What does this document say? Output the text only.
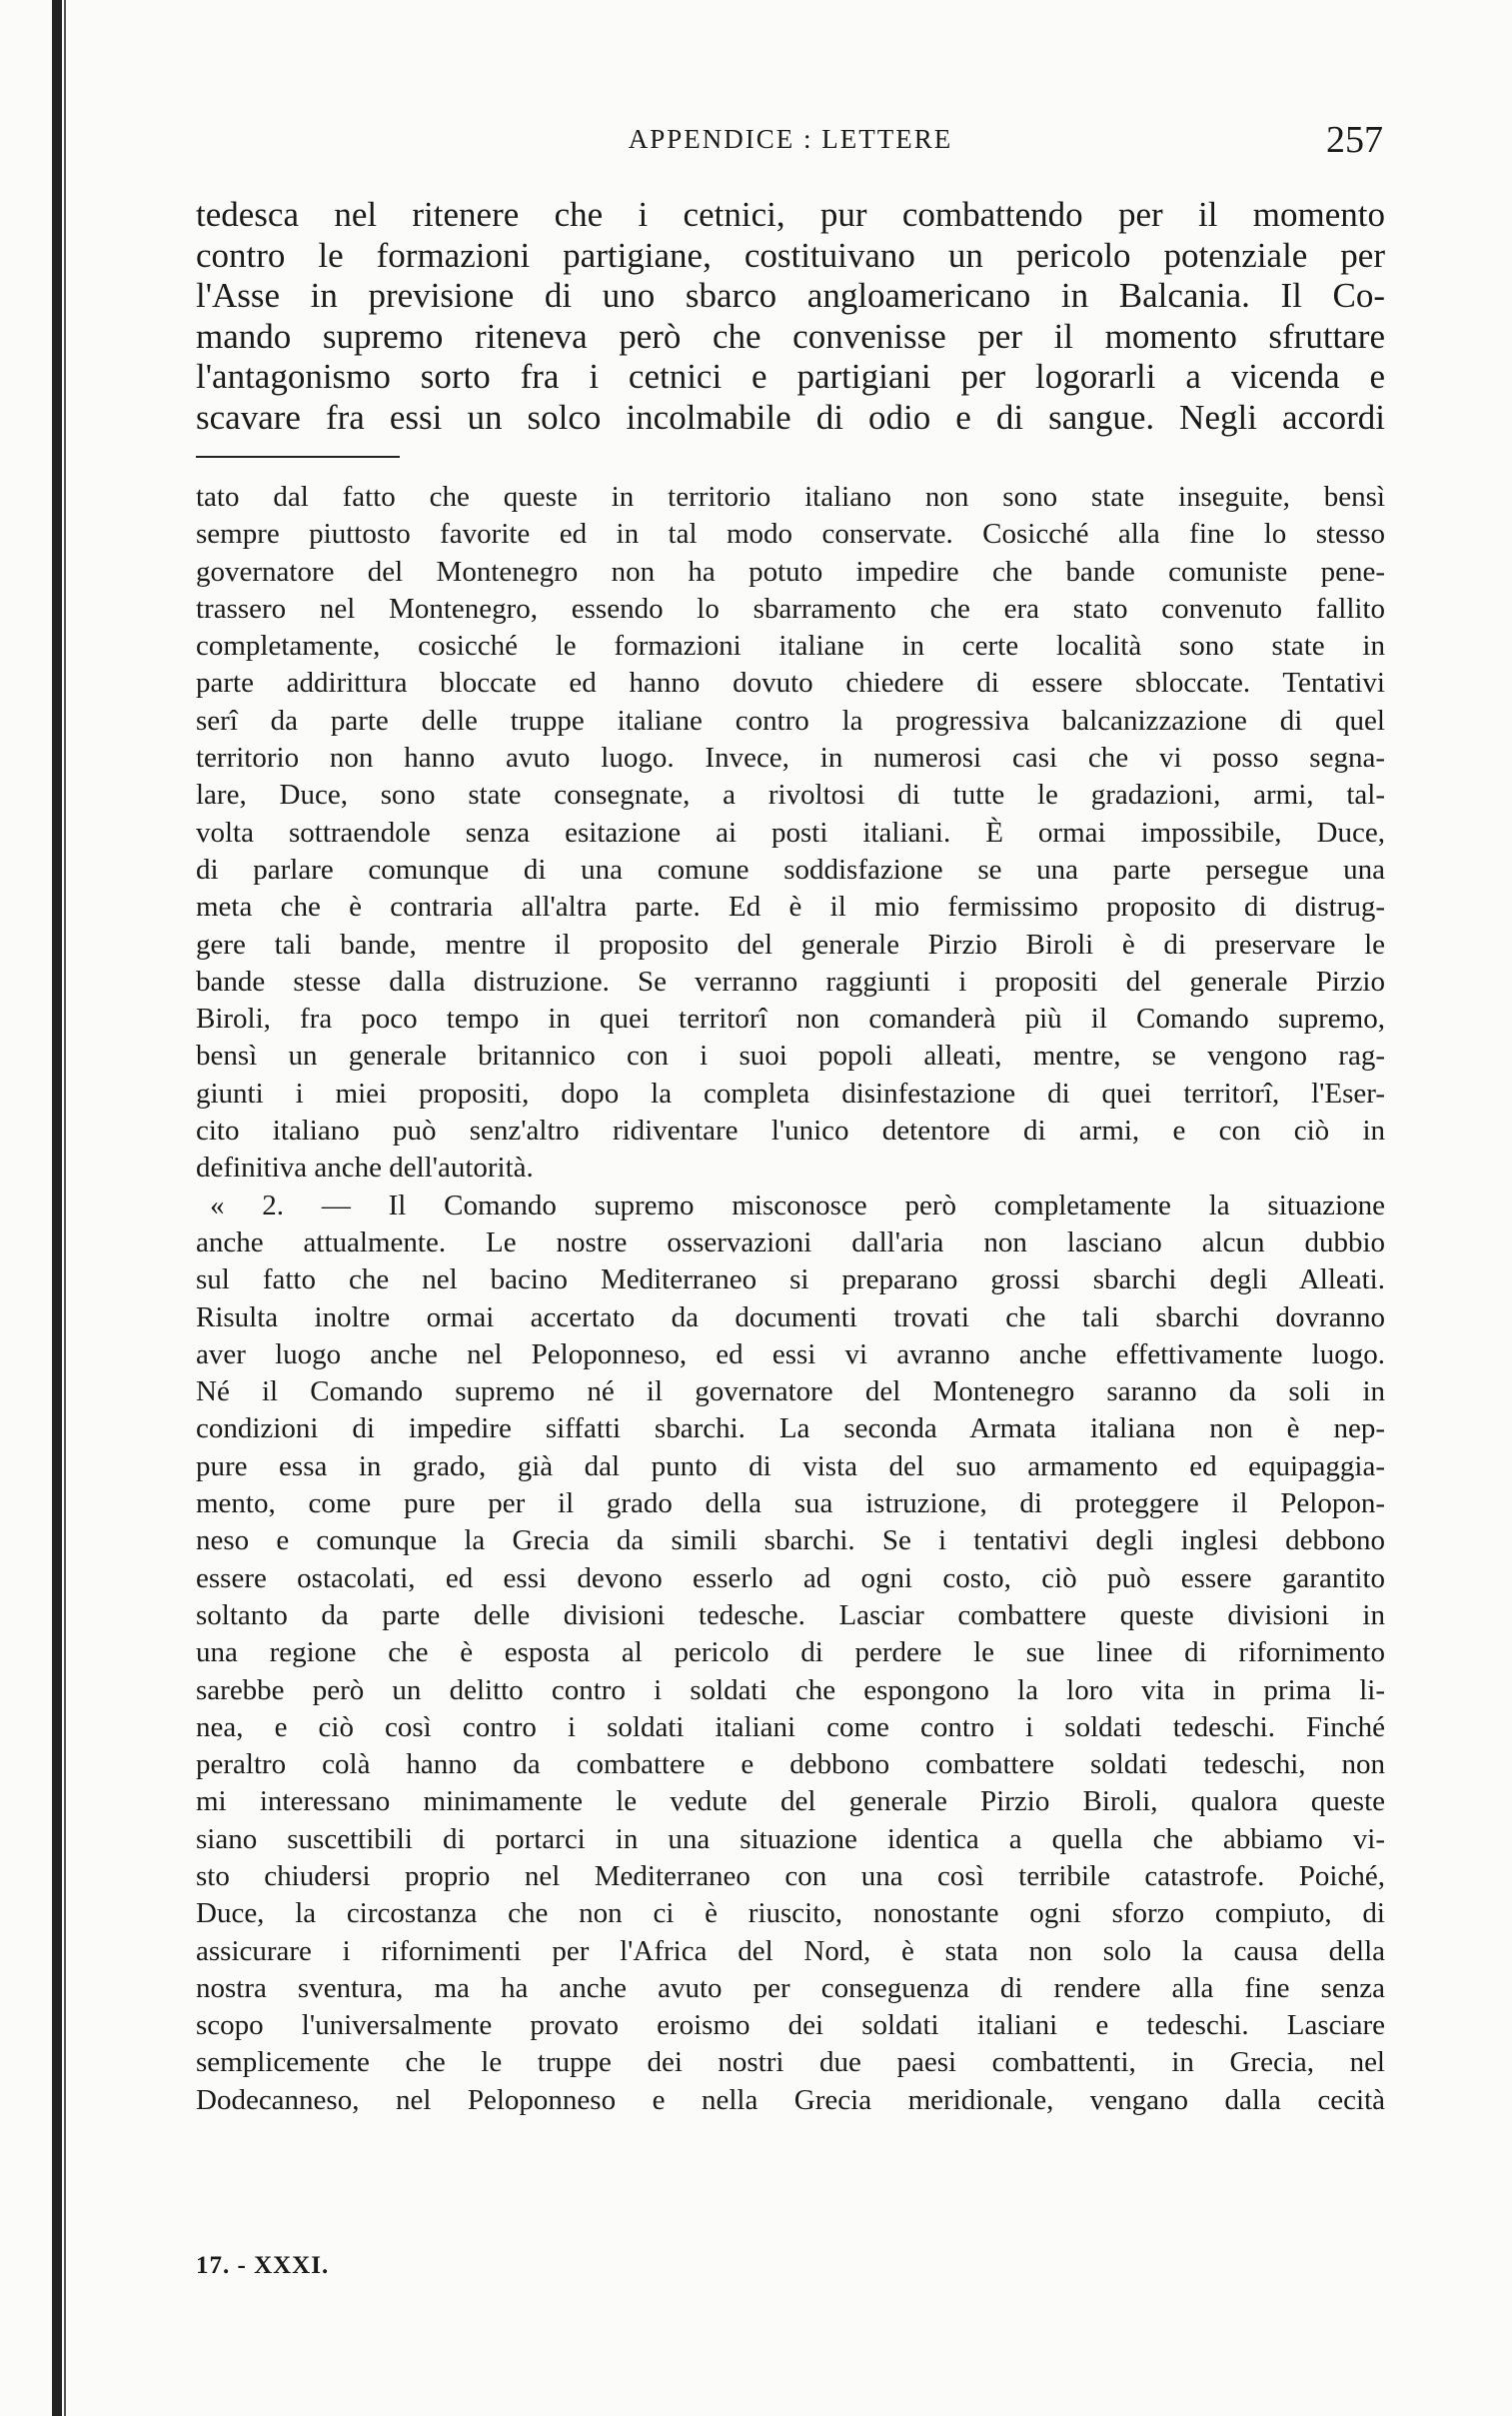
APPENDICE : LETTERE	257
tedesca nel ritenere che i cetnici, pur combattendo per il momento
contro le formazioni partigiane, costituivano un pericolo potenziale per
l'Asse in previsione di uno sbarco angloamericano in Balcania. Il Co-
mando supremo riteneva però che convenisse per il momento sfruttare
l'antagonismo sorto fra i cetnici e partigiani per logorarli a vicenda e
scavare fra essi un solco incolmabile di odio e di sangue. Negli accordi
tato dal fatto che queste in territorio italiano non sono state inseguite, bensì
sempre piuttosto favorite ed in tal modo conservate. Cosicché alla fine lo stesso
governatore del Montenegro non ha potuto impedire che bande comuniste pene-
trassero nel Montenegro, essendo lo sbarramento che era stato convenuto fallito
completamente, cosicché le formazioni italiane in certe località sono state in
parte addirittura bloccate ed hanno dovuto chiedere di essere sbloccate. Tentativi
serî da parte delle truppe italiane contro la progressiva balcanizzazione di quel
territorio non hanno avuto luogo. Invece, in numerosi casi che vi posso segna-
lare, Duce, sono state consegnate, a rivoltosi di tutte le gradazioni, armi, tal-
volta sottraendole senza esitazione ai posti italiani. È ormai impossibile, Duce,
di parlare comunque di una comune soddisfazione se una parte persegue una
meta che è contraria all'altra parte. Ed è il mio fermissimo proposito di distrug-
gere tali bande, mentre il proposito del generale Pirzio Biroli è di preservare le
bande stesse dalla distruzione. Se verranno raggiunti i propositi del generale Pirzio
Biroli, fra poco tempo in quei territorî non comanderà più il Comando supremo,
bensì un generale britannico con i suoi popoli alleati, mentre, se vengono rag-
giunti i miei propositi, dopo la completa disinfestazione di quei territorî, l'Eser-
cito italiano può senz'altro ridiventare l'unico detentore di armi, e con ciò in
definitiva anche dell'autorità.
« 2. — Il Comando supremo misconosce però completamente la situazione
anche attualmente. Le nostre osservazioni dall'aria non lasciano alcun dubbio
sul fatto che nel bacino Mediterraneo si preparano grossi sbarchi degli Alleati.
Risulta inoltre ormai accertato da documenti trovati che tali sbarchi dovranno
aver luogo anche nel Peloponneso, ed essi vi avranno anche effettivamente luogo.
Né il Comando supremo né il governatore del Montenegro saranno da soli in
condizioni di impedire siffatti sbarchi. La seconda Armata italiana non è nep-
pure essa in grado, già dal punto di vista del suo armamento ed equipaggia-
mento, come pure per il grado della sua istruzione, di proteggere il Pelopon-
neso e comunque la Grecia da simili sbarchi. Se i tentativi degli inglesi debbono
essere ostacolati, ed essi devono esserlo ad ogni costo, ciò può essere garantito
soltanto da parte delle divisioni tedesche. Lasciar combattere queste divisioni in
una regione che è esposta al pericolo di perdere le sue linee di rifornimento
sarebbe però un delitto contro i soldati che espongono la loro vita in prima li-
nea, e ciò così contro i soldati italiani come contro i soldati tedeschi. Finché
peraltro colà hanno da combattere e debbono combattere soldati tedeschi, non
mi interessano minimamente le vedute del generale Pirzio Biroli, qualora queste
siano suscettibili di portarci in una situazione identica a quella che abbiamo vi-
sto chiudersi proprio nel Mediterraneo con una così terribile catastrofe. Poiché,
Duce, la circostanza che non ci è riuscito, nonostante ogni sforzo compiuto, di
assicurare i rifornimenti per l'Africa del Nord, è stata non solo la causa della
nostra sventura, ma ha anche avuto per conseguenza di rendere alla fine senza
scopo l'universalmente provato eroismo dei soldati italiani e tedeschi. Lasciare
semplicemente che le truppe dei nostri due paesi combattenti, in Grecia, nel
Dodecanneso, nel Peloponneso e nella Grecia meridionale, vengano dalla cecità
17. - XXXI.
